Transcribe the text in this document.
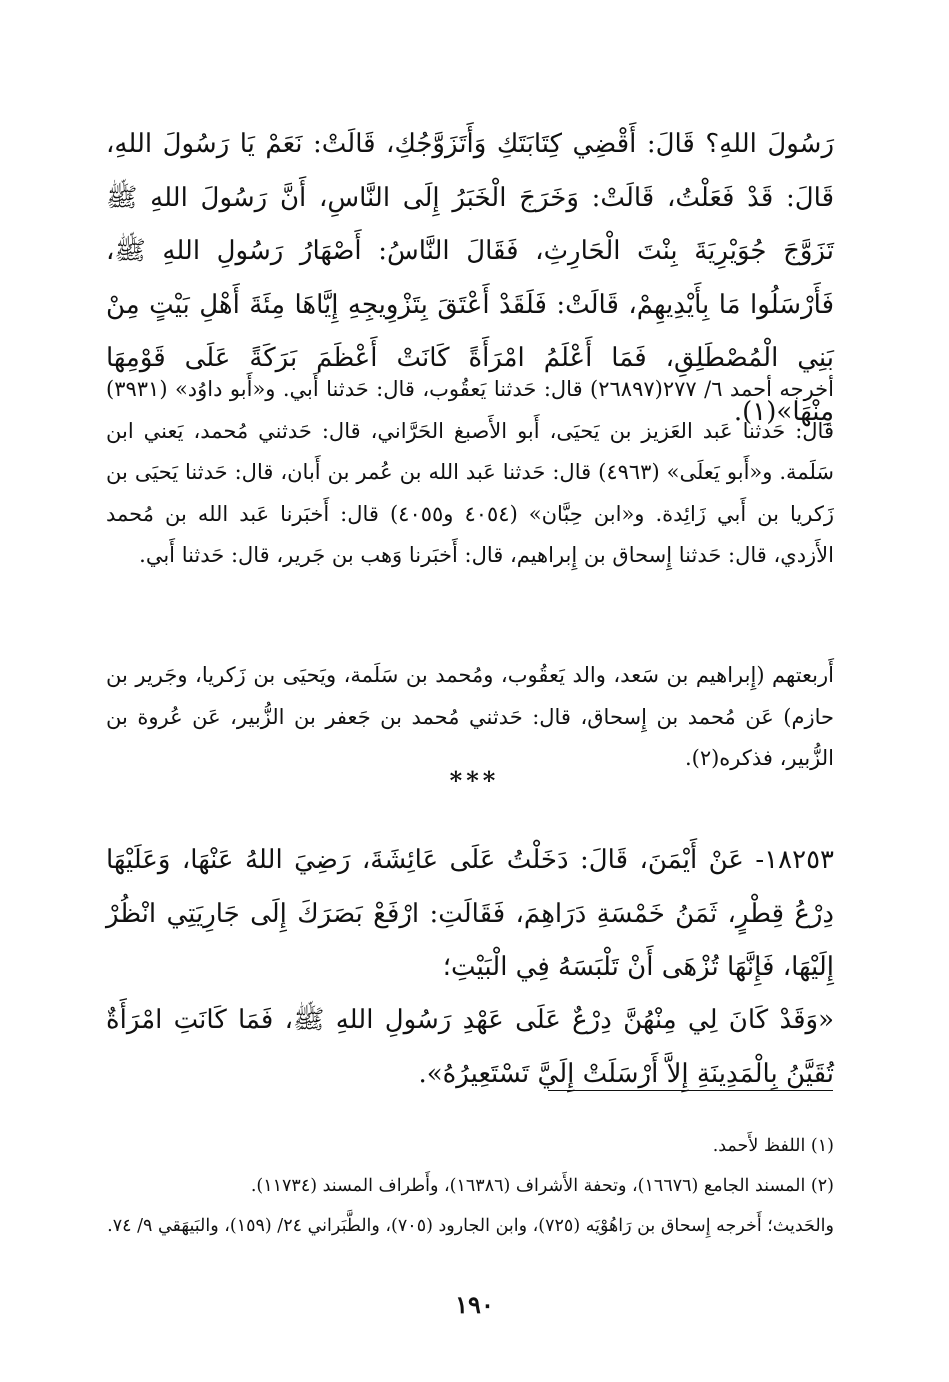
رَسُولَ اللهِ؟ قَالَ: أَقْضِي كِتَابَتَكِ وَأَتَزَوَّجُكِ، قَالَتْ: نَعَمْ يَا رَسُولَ اللهِ، قَالَ: قَدْ فَعَلْتُ، قَالَتْ: وَخَرَجَ الْخَبَرُ إِلَى النَّاسِ، أَنَّ رَسُولَ اللهِ ﷺ تَزَوَّجَ جُوَيْرِيَةَ بِنْتَ الْحَارِثِ، فَقَالَ النَّاسُ: أَصْهَارُ رَسُولِ اللهِ ﷺ، فَأَرْسَلُوا مَا بِأَيْدِيهِمْ، قَالَتْ: فَلَقَدْ أَعْتَقَ بِتَزْوِيجِهِ إِيَّاهَا مِئَةَ أَهْلِ بَيْتٍ مِنْ بَنِي الْمُصْطَلِقِ، فَمَا أَعْلَمُ امْرَأَةً كَانَتْ أَعْظَمَ بَرَكَةً عَلَى قَوْمِهَا مِنْهَا»(١).

أخرجه أحمد ٦/ ٢٧٧(٢٦٨٩٧) قال: حَدثنا يَعقُوب، قال: حَدثنا أَبي. و«أَبو داوُد» (٣٩٣١) قال: حَدثنا عَبد العَزيز بن يَحيَى، أَبو الأَصبغ الحَرَّاني، قال: حَدثني مُحمد، يَعني ابن سَلَمة. و«أَبو يَعلَى» (٤٩٦٣) قال: حَدثنا عَبد الله بن عُمر بن أَبان، قال: حَدثنا يَحيَى بن زَكريا بن أَبي زَائِدة. و«ابن حِبَّان» (٤٠٥٤ و٤٠٥٥) قال: أَخبَرنا عَبد الله بن مُحمد الأَزدي، قال: حَدثنا إِسحاق بن إِبراهيم، قال: أَخبَرنا وَهب بن جَرير، قال: حَدثنا أَبي.

أَربعتهم (إِبراهيم بن سَعد، والد يَعقُوب، ومُحمد بن سَلَمة، ويَحيَى بن زَكريا، وجَرير بن حازم) عَن مُحمد بن إِسحاق، قال: حَدثني مُحمد بن جَعفر بن الزُّبير، عَن عُروة بن الزُّبير، فذكره(٢).

***

١٨٢٥٣- عَنْ أَيْمَنَ، قَالَ: دَخَلْتُ عَلَى عَائِشَةَ، رَضِيَ اللهُ عَنْهَا، وَعَلَيْهَا دِرْعُ قِطْرٍ، ثَمَنُ خَمْسَةِ دَرَاهِمَ، فَقَالَتِ: ارْفَعْ بَصَرَكَ إِلَى جَارِيَتِي انْظُرْ إِلَيْهَا، فَإِنَّهَا تُزْهَى أَنْ تَلْبَسَهُ فِي الْبَيْتِ؛

«وَقَدْ كَانَ لِي مِنْهُنَّ دِرْعٌ عَلَى عَهْدِ رَسُولِ اللهِ ﷺ، فَمَا كَانَتِ امْرَأَةٌ تُقَيَّنُ بِالْمَدِينَةِ إِلاَّ أَرْسَلَتْ إِلَيَّ تَسْتَعِيرُهُ».

(١) اللفظ لأَحمد.

(٢) المسند الجامع (١٦٦٧٦)، وتحفة الأَشراف (١٦٣٨٦)، وأَطراف المسند (١١٧٣٤).

والحَديث؛ أَخرجه إِسحاق بن رَاهُوْيَه (٧٢٥)، وابن الجارود (٧٠٥)، والطَّبَراني ٢٤/ (١٥٩)، والبَيهَقي ٩/ ٧٤.

١٩٠
